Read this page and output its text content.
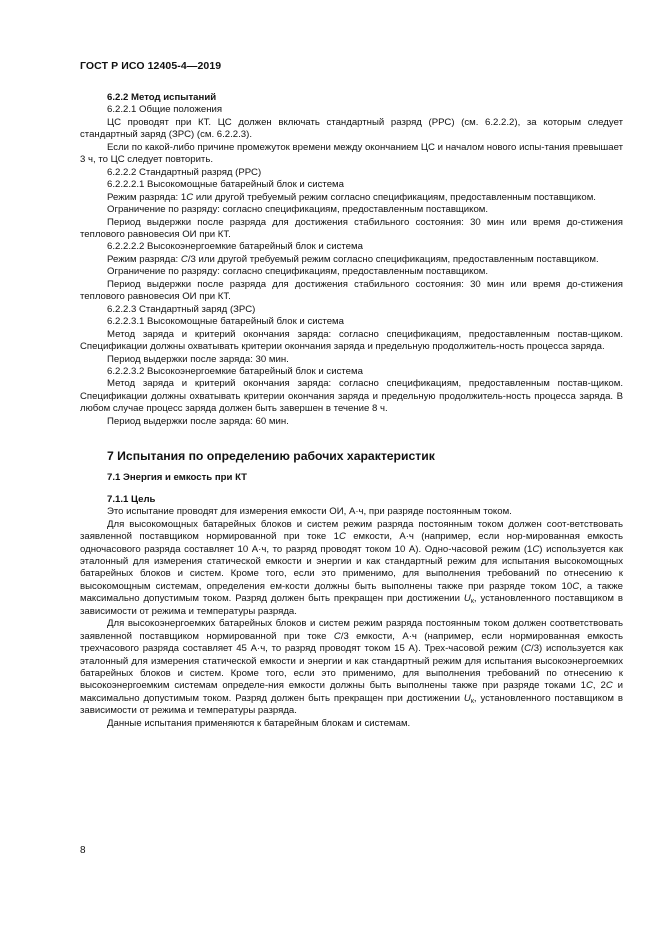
ГОСТ Р ИСО 12405-4—2019

6.2.2 Метод испытаний

6.2.2.1 Общие положения

ЦС проводят при КТ. ЦС должен включать стандартный разряд (РРС) (см. 6.2.2.2), за которым следует стандартный заряд (ЗРС) (см. 6.2.2.3).

Если по какой-либо причине промежуток времени между окончанием ЦС и началом нового испы-тания превышает 3 ч, то ЦС следует повторить.

6.2.2.2 Стандартный разряд (РРС)

6.2.2.2.1 Высокомощные батарейный блок и система

Режим разряда: 1C или другой требуемый режим согласно спецификациям, предоставленным поставщиком.

Ограничение по разряду: согласно спецификациям, предоставленным поставщиком.

Период выдержки после разряда для достижения стабильного состояния: 30 мин или время до-стижения теплового равновесия ОИ при КТ.

6.2.2.2.2 Высокоэнергоемкие батарейный блок и система

Режим разряда: C/3 или другой требуемый режим согласно спецификациям, предоставленным поставщиком.

Ограничение по разряду: согласно спецификациям, предоставленным поставщиком.

Период выдержки после разряда для достижения стабильного состояния: 30 мин или время до-стижения теплового равновесия ОИ при КТ.

6.2.2.3 Стандартный заряд (ЗРС)

6.2.2.3.1 Высокомощные батарейный блок и система

Метод заряда и критерий окончания заряда: согласно спецификациям, предоставленным постав-щиком. Спецификации должны охватывать критерии окончания заряда и предельную продолжитель-ность процесса заряда.

Период выдержки после заряда: 30 мин.

6.2.2.3.2 Высокоэнергоемкие батарейный блок и система

Метод заряда и критерий окончания заряда: согласно спецификациям, предоставленным постав-щиком. Спецификации должны охватывать критерии окончания заряда и предельную продолжитель-ность процесса заряда. В любом случае процесс заряда должен быть завершен в течение 8 ч.

Период выдержки после заряда: 60 мин.

7 Испытания по определению рабочих характеристик

7.1 Энергия и емкость при КТ

7.1.1 Цель

Это испытание проводят для измерения емкости ОИ, А·ч, при разряде постоянным током.

Для высокомощных батарейных блоков и систем режим разряда постоянным током должен соот-ветствовать заявленной поставщиком нормированной при токе 1C емкости, А·ч (например, если нор-мированная емкость одночасового разряда составляет 10 А·ч, то разряд проводят током 10 А). Одно-часовой режим (1C) используется как эталонный для измерения статической емкости и энергии и как стандартный режим для испытания высокомощных батарейных блоков и систем. Кроме того, если это применимо, для выполнения требований по отнесению к высокомощным системам, определения ем-кости должны быть выполнены также при разряде током 10C, а также максимально допустимым током. Разряд должен быть прекращен при достижении $U_к$, установленного поставщиком в зависимости от режима и температуры разряда.

Для высокоэнергоемких батарейных блоков и систем режим разряда постоянным током должен соответствовать заявленной поставщиком нормированной при токе C/3 емкости, А·ч (например, если нормированная емкость трехчасового разряда составляет 45 А·ч, то разряд проводят током 15 А). Трех-часовой режим (C/3) используется как эталонный для измерения статической емкости и энергии и как стандартный режим для испытания высокоэнергоемких батарейных блоков и систем. Кроме того, если это применимо, для выполнения требований по отнесению к высокоэнергоемким системам определе-ния емкости должны быть выполнены также при разряде токами 1C, 2C и максимально допустимым током. Разряд должен быть прекращен при достижении $U_к$, установленного поставщиком в зависимости от режима и температуры разряда.

Данные испытания применяются к батарейным блокам и системам.

8
